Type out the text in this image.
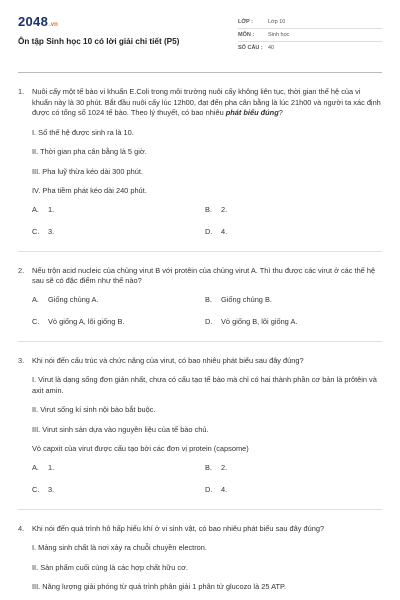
2048 .vn
Ôn tập Sinh học 10 có lời giải chi tiết (P5)
LỚP :	Lớp 10
MÔN :	Sinh học
SỐ CÂU : 40
1.	Nuôi cấy một tế bào vi khuẩn E.Coli trong môi trường nuôi cấy không liên tục, thời gian thế hệ của vi khuẩn này là 30 phút. Bắt đầu nuôi cấy lúc 12h00, đạt đến pha cân bằng là lúc 21h00 và người ta xác định được có tổng số 1024 tế bào. Theo lý thuyết, có bao nhiêu phát biểu đúng?
I. Số thế hệ được sinh ra là 10.
II. Thời gian pha cân bằng là 5 giờ.
III. Pha luỹ thừa kéo dài 300 phút.
IV. Pha tiềm phát kéo dài 240 phút.
A.	1.	B.	2.
C.	3.	D.	4.
2.	Nếu trộn acid nucleic của chủng virut B với protêin của chủng virut A. Thì thu được các virut ở các thế hệ sau sẽ có đặc điểm như thế nào?
A.	Giống chủng A.	B.	Giống chủng B.
C.	Vỏ giống A, lõi giống B.	D.	Vỏ giống B, lõi giống A.
3.	Khi nói đến cấu trúc và chức năng của virut, có bao nhiêu phát biểu sau đây đúng?
I. Virut là dạng sống đơn giản nhất, chưa có cấu tạo tế bào mà chỉ có hai thành phần cơ bản là prôtêin và axit amin.
II. Virut sống kí sinh nội bào bắt buộc.
III. Virut sinh sản dựa vào nguyên liệu của tế bào chủ.
Vỏ capxit của virut được cấu tạo bởi các đơn vị protein (capsome)
A.	1.	B.	2.
C.	3.	D.	4.
4.	Khi nói đến quá trình hô hấp hiếu khí ở vi sinh vật, có bao nhiêu phát biểu sau đây đúng?
I. Mảng sinh chất là nơi xảy ra chuỗi chuyền electron.
II. Sản phẩm cuối cùng là các hợp chất hữu cơ.
III. Năng lượng giải phóng từ quá trình phân giải 1 phân tử glucozo là 25 ATP.
